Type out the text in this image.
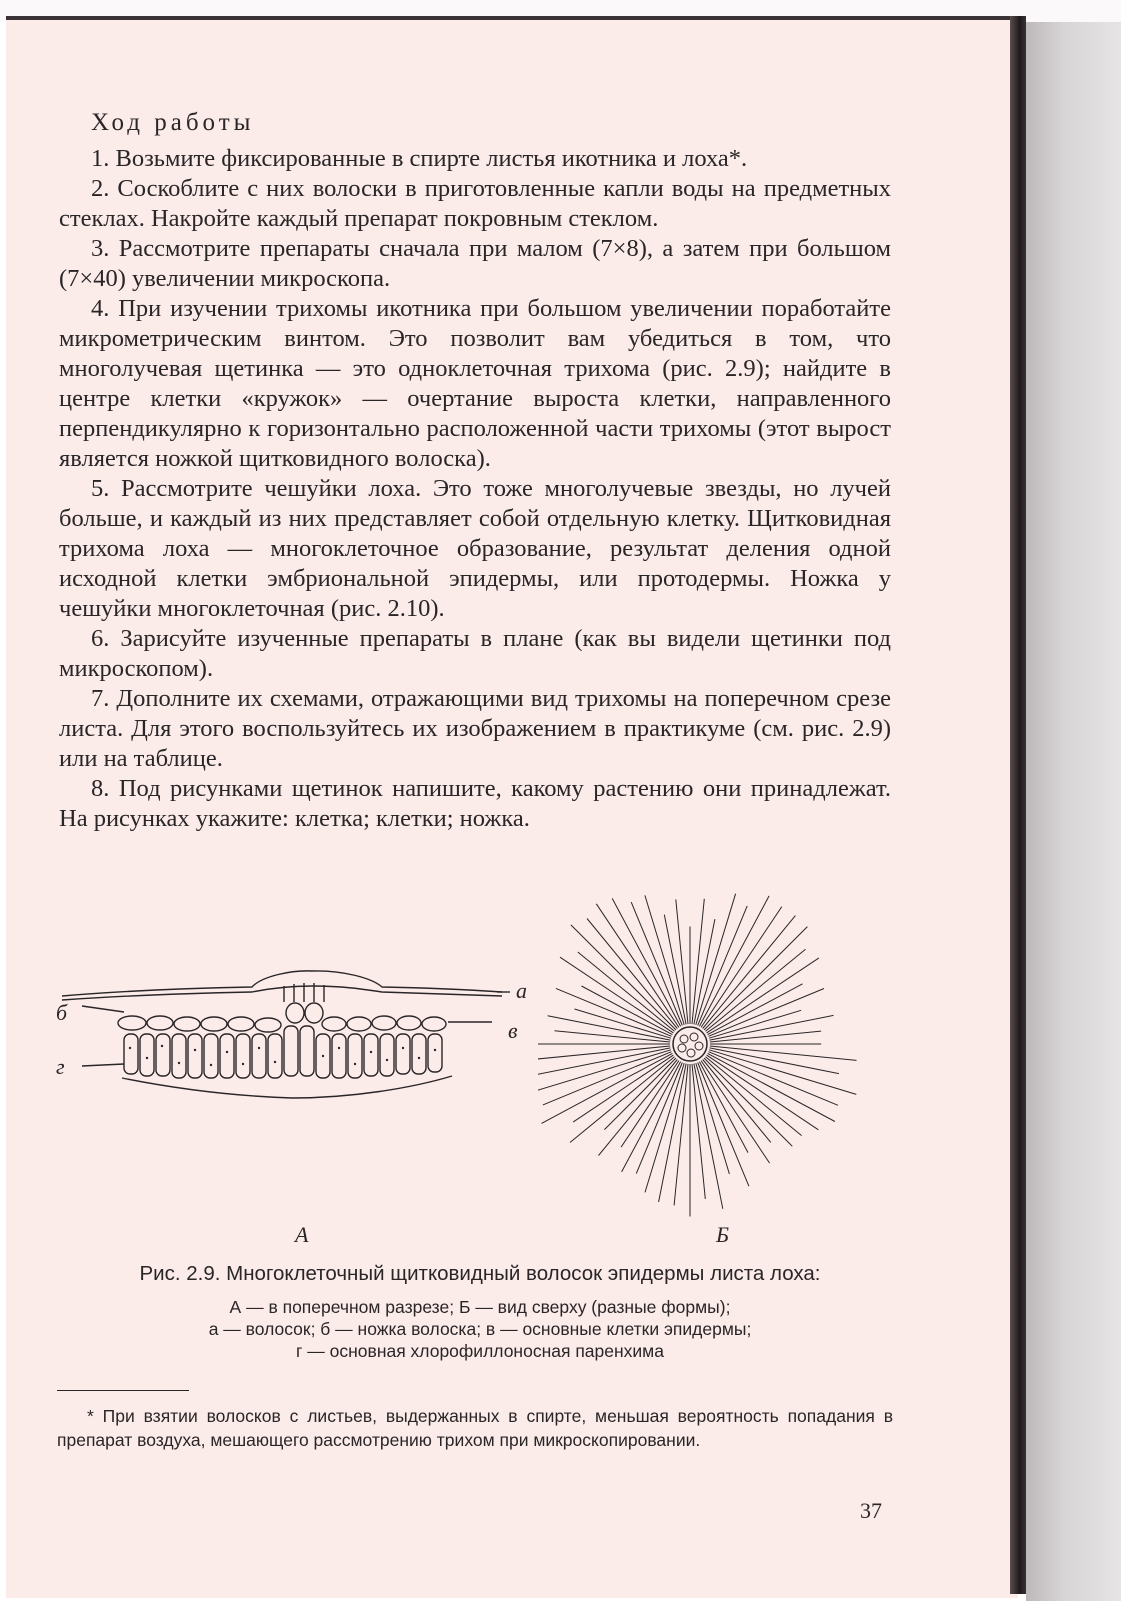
Ход работы

1. Возьмите фиксированные в спирте листья икотника и лоха*.

2. Соскоблите с них волоски в приготовленные капли воды на предметных стеклах. Накройте каждый препарат покровным стеклом.

3. Рассмотрите препараты сначала при малом (7×8), а затем при большом (7×40) увеличении микроскопа.

4. При изучении трихомы икотника при большом увеличении поработайте микрометрическим винтом. Это позволит вам убедиться в том, что многолучевая щетинка — это одноклеточная трихома (рис. 2.9); найдите в центре клетки «кружок» — очертание выроста клетки, направленного перпендикулярно к горизонтально расположенной части трихомы (этот вырост является ножкой щитковидного волоска).

5. Рассмотрите чешуйки лоха. Это тоже многолучевые звезды, но лучей больше, и каждый из них представляет собой отдельную клетку. Щитковидная трихома лоха — многоклеточное образование, результат деления одной исходной клетки эмбриональной эпидермы, или протодермы. Ножка у чешуйки многоклеточная (рис. 2.10).

6. Зарисуйте изученные препараты в плане (как вы видели щетинки под микроскопом).

7. Дополните их схемами, отражающими вид трихомы на поперечном срезе листа. Для этого воспользуйтесь их изображением в практикуме (см. рис. 2.9) или на таблице.

8. Под рисунками щетинок напишите, какому растению они принадлежат. На рисунках укажите: клетка; клетки; ножка.

а
б
в
г
А	Б
Рис. 2.9. Многоклеточный щитковидный волосок эпидермы листа лоха:
А — в поперечном разрезе; Б — вид сверху (разные формы);
а — волосок; б — ножка волоска; в — основные клетки эпидермы;
г — основная хлорофиллоносная паренхима
* При взятии волосков с листьев, выдержанных в спирте, меньшая вероятность попадания в препарат воздуха, мешающего рассмотрению трихом при микроскопировании.
37
